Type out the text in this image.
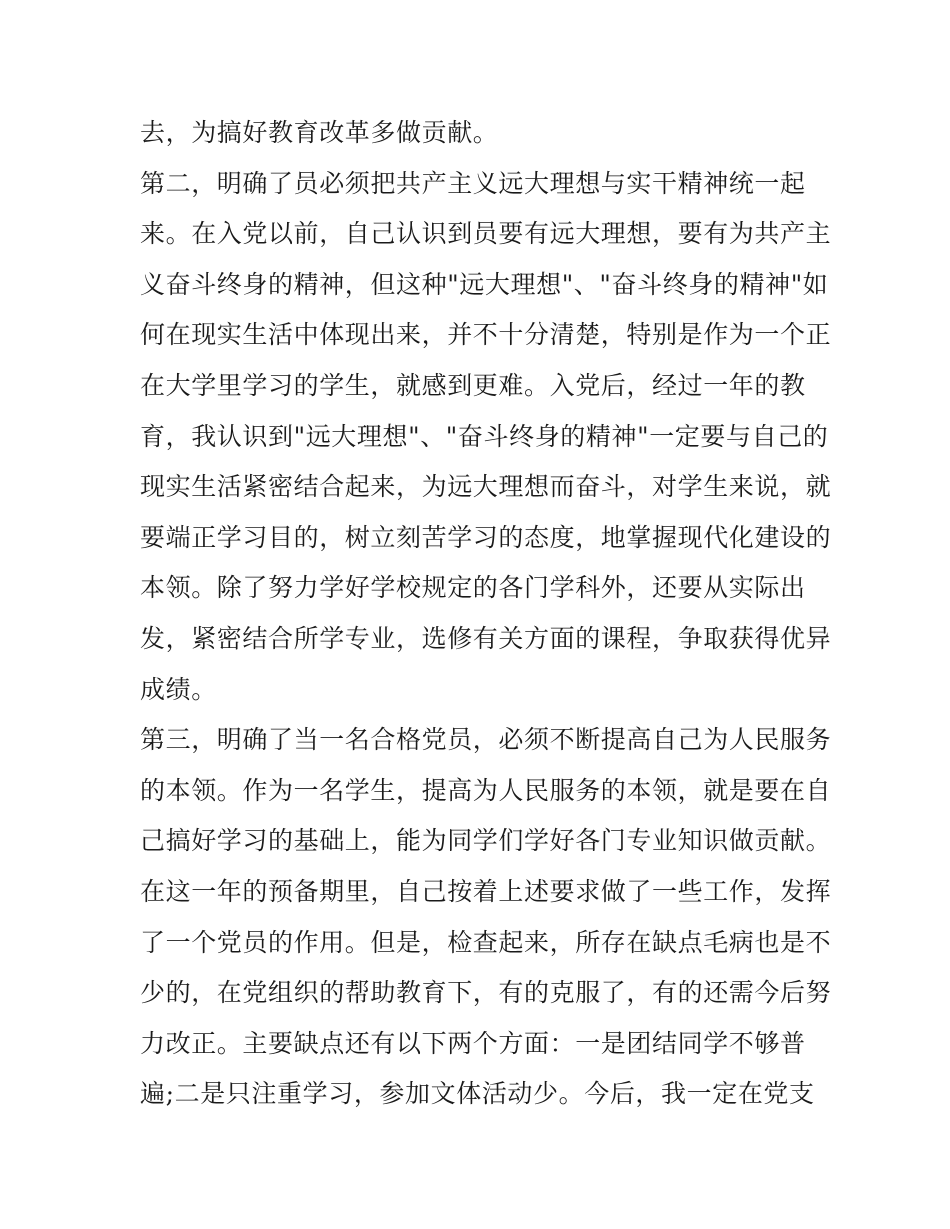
去，为搞好教育改革多做贡献。
第二，明确了员必须把共产主义远大理想与实干精神统一起
来。在入党以前，自己认识到员要有远大理想，要有为共产主
义奋斗终身的精神，但这种"远大理想"、"奋斗终身的精神"如
何在现实生活中体现出来，并不十分清楚，特别是作为一个正
在大学里学习的学生，就感到更难。入党后，经过一年的教
育，我认识到"远大理想"、"奋斗终身的精神"一定要与自己的
现实生活紧密结合起来，为远大理想而奋斗，对学生来说，就
要端正学习目的，树立刻苦学习的态度，地掌握现代化建设的
本领。除了努力学好学校规定的各门学科外，还要从实际出
发，紧密结合所学专业，选修有关方面的课程，争取获得优异
成绩。
第三，明确了当一名合格党员，必须不断提高自己为人民服务
的本领。作为一名学生，提高为人民服务的本领，就是要在自
己搞好学习的基础上，能为同学们学好各门专业知识做贡献。
在这一年的预备期里，自己按着上述要求做了一些工作，发挥
了一个党员的作用。但是，检查起来，所存在缺点毛病也是不
少的，在党组织的帮助教育下，有的克服了，有的还需今后努
力改正。主要缺点还有以下两个方面：一是团结同学不够普
遍;二是只注重学习，参加文体活动少。今后，我一定在党支
